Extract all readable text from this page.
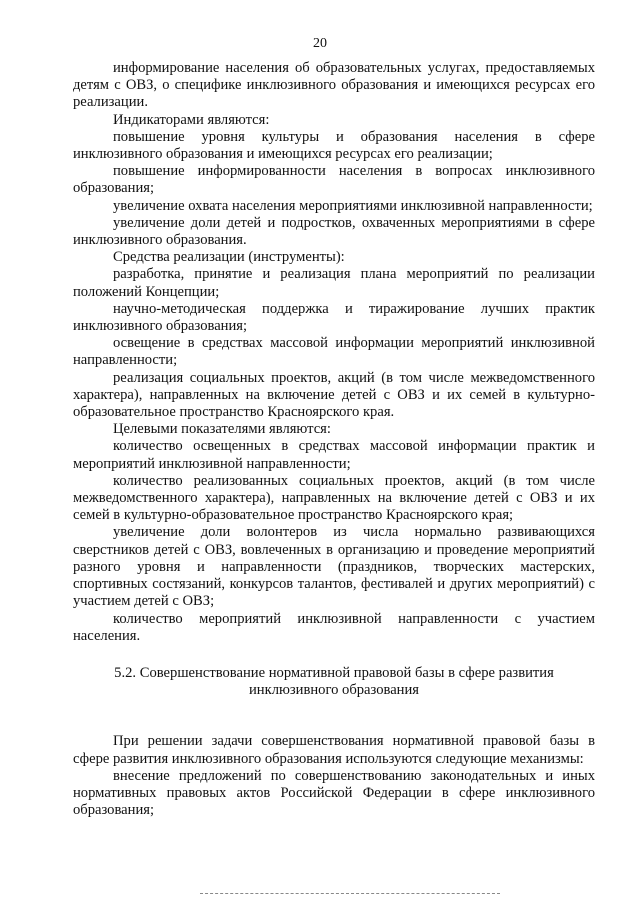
20

информирование населения об образовательных услугах, предоставляемых детям с ОВЗ, о специфике инклюзивного образования и имеющихся ресурсах его реализации.

Индикаторами являются:

повышение уровня культуры и образования населения в сфере инклюзивного образования и имеющихся ресурсах его реализации;

повышение информированности населения в вопросах инклюзивного образования;

увеличение охвата населения мероприятиями инклюзивной направленности;

увеличение доли детей и подростков, охваченных мероприятиями в сфере инклюзивного образования.

Средства реализации (инструменты):

разработка, принятие и реализация плана мероприятий по реализации положений Концепции;

научно-методическая поддержка и тиражирование лучших практик инклюзивного образования;

освещение в средствах массовой информации мероприятий инклюзивной направленности;

реализация социальных проектов, акций (в том числе межведомственного характера), направленных на включение детей с ОВЗ и их семей в культурно-образовательное пространство Красноярского края.

Целевыми показателями являются:

количество освещенных в средствах массовой информации практик и мероприятий инклюзивной направленности;

количество реализованных социальных проектов, акций (в том числе межведомственного характера), направленных на включение детей с ОВЗ и их семей в культурно-образовательное пространство Красноярского края;

увеличение доли волонтеров из числа нормально развивающихся сверстников детей с ОВЗ, вовлеченных в организацию и проведение мероприятий разного уровня и направленности (праздников, творческих мастерских, спортивных состязаний, конкурсов талантов, фестивалей и других мероприятий) с участием детей с ОВЗ;

количество мероприятий инклюзивной направленности с участием населения.

5.2. Совершенствование нормативной правовой базы в сфере развития
инклюзивного образования

При решении задачи совершенствования нормативной правовой базы в сфере развития инклюзивного образования используются следующие механизмы:

внесение предложений по совершенствованию законодательных и иных нормативных правовых актов Российской Федерации в сфере инклюзивного образования;
